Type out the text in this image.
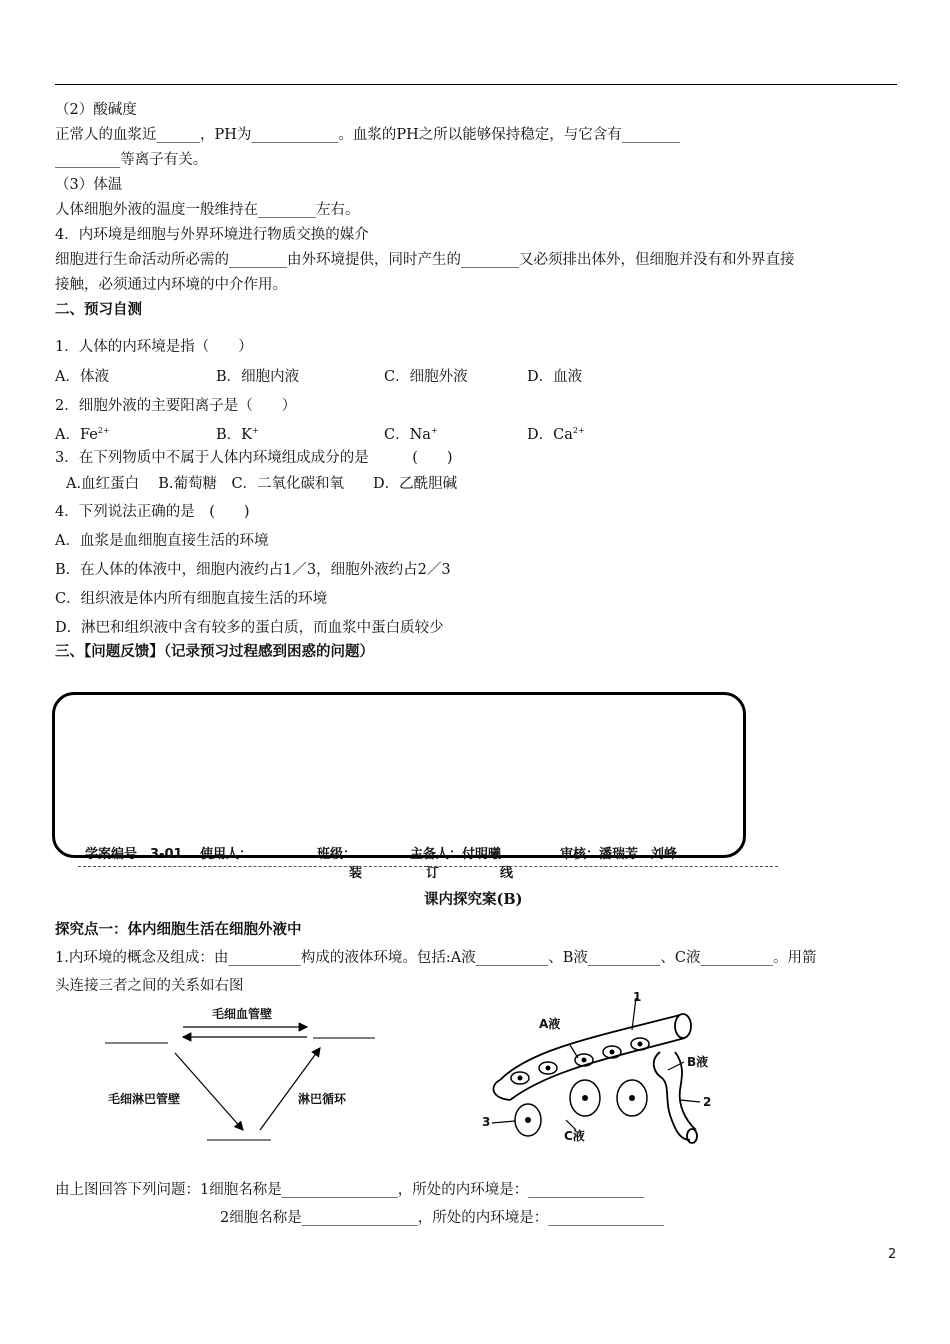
（2）酸碱度
正常人的血浆近______，PH为____________。血浆的PH之所以能够保持稳定，与它含有________
_________等离子有关。
（3）体温
人体细胞外液的温度一般维持在________左右。
4．内环境是细胞与外界环境进行物质交换的媒介
细胞进行生命活动所必需的________由外环境提供，同时产生的________又必须排出体外，但细胞并没有和外界直接
接触，必须通过内环境的中介作用。
二、预习自测
1．人体的内环境是指（　　）
A．体液	B．细胞内液	C．细胞外液	D．血液
2．细胞外液的主要阳离子是（　　）
A．$Fe^{2+}$	B．K+	C．Na+	D．$Ca^{2+}$
3．在下列物质中不属于人体内环境组成成分的是　　　(　　)
A.血红蛋白　 B.葡萄糖　C．二氧化碳和氧　　D．乙酰胆碱
4．下列说法正确的是　(　　)
A．血浆是血细胞直接生活的环境
B．在人体的体液中，细胞内液约占1／3，细胞外液约占2／3
C．组织液是体内所有细胞直接生活的环境
D．淋巴和组织液中含有较多的蛋白质，而血浆中蛋白质较少
三、【问题反馈】（记录预习过程感到困惑的问题）
学案编号　3-01 使用人：	班级：	主备人：付明曦	审核：潘瑞芳　刘峰
装	订	线
课内探究案(B)
探究点一：体内细胞生活在细胞外液中
1.内环境的概念及组成：由__________构成的液体环境。包括:A液__________、B液__________、C液__________。用箭
头连接三者之间的关系如右图
毛细血管壁
毛细淋巴管壁	淋巴循环
A液
B液
C液
1
2
3
由上图回答下列问题：1细胞名称是________________，所处的内环境是：________________
2细胞名称是________________，所处的内环境是：________________
2
